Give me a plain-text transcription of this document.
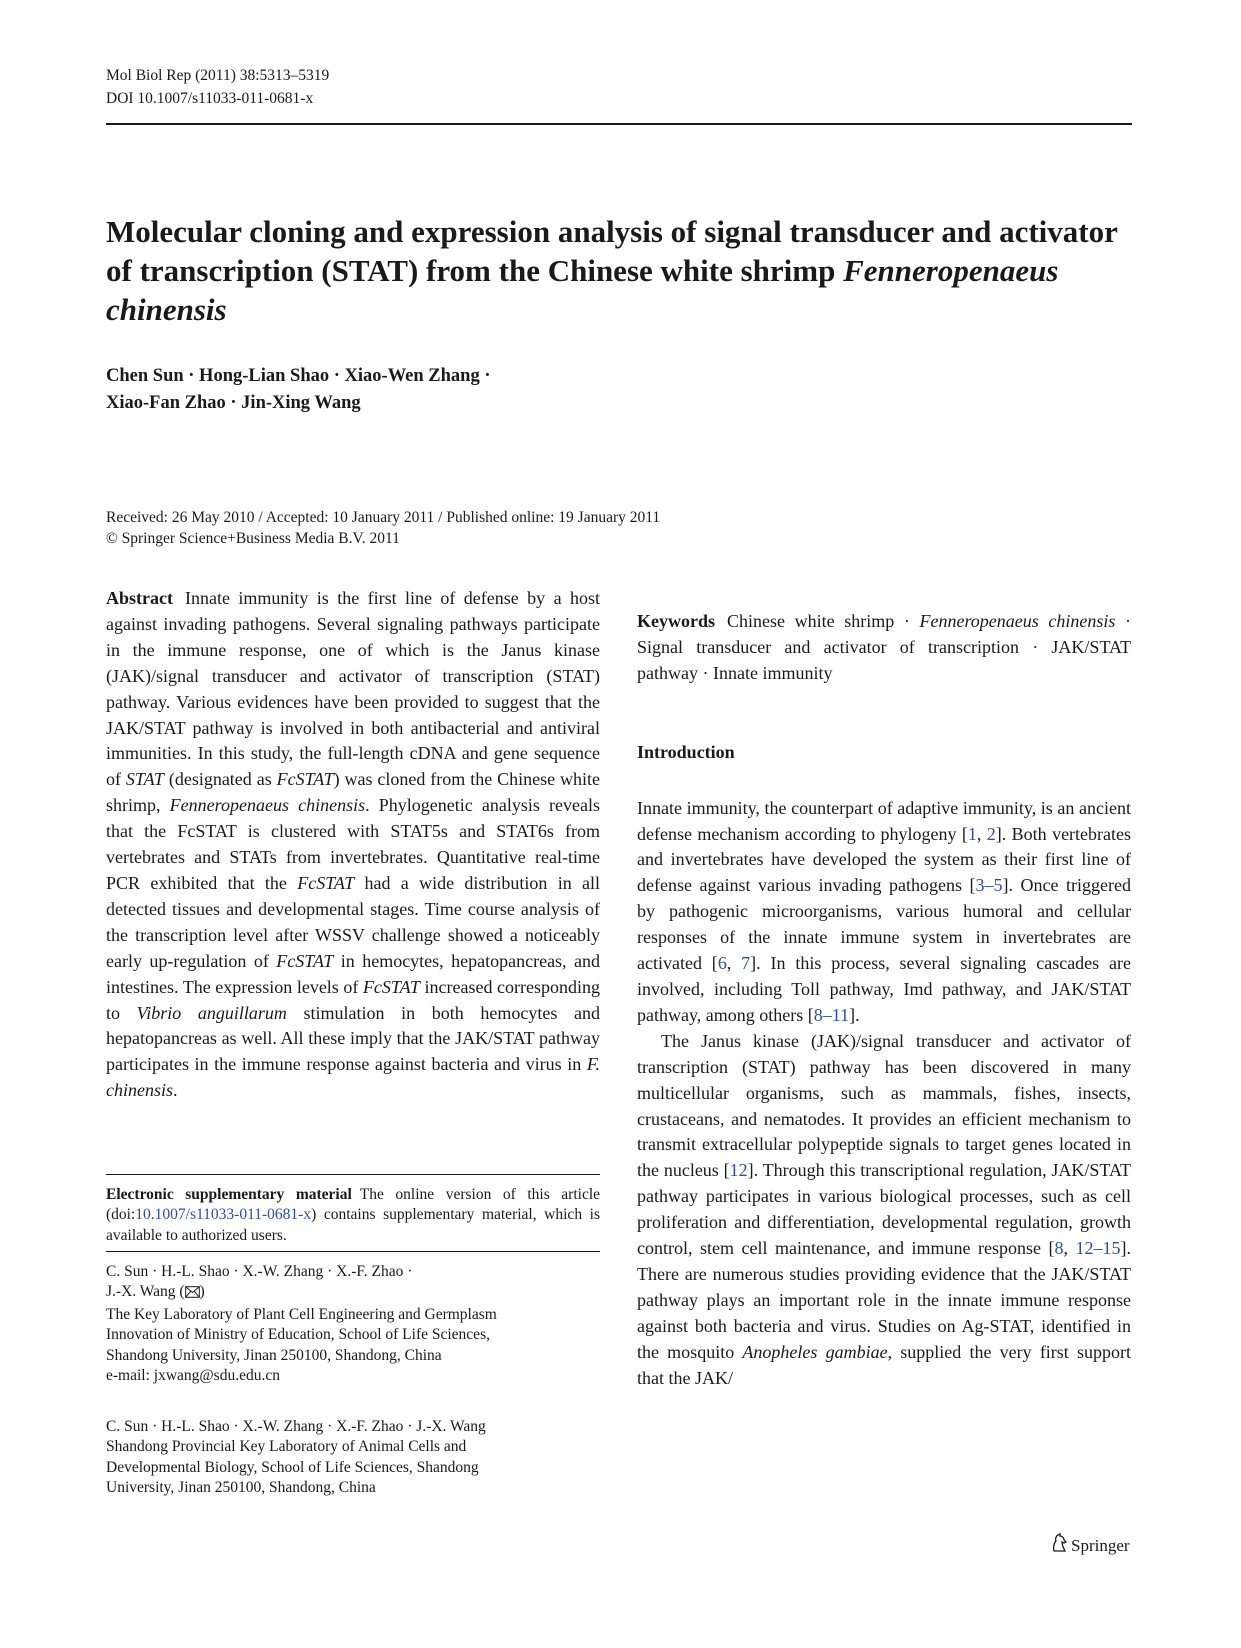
Mol Biol Rep (2011) 38:5313–5319
DOI 10.1007/s11033-011-0681-x
Molecular cloning and expression analysis of signal transducer and activator of transcription (STAT) from the Chinese white shrimp Fenneropenaeus chinensis
Chen Sun · Hong-Lian Shao · Xiao-Wen Zhang ·
Xiao-Fan Zhao · Jin-Xing Wang
Received: 26 May 2010 / Accepted: 10 January 2011 / Published online: 19 January 2011
© Springer Science+Business Media B.V. 2011
Abstract Innate immunity is the first line of defense by a host against invading pathogens. Several signaling pathways participate in the immune response, one of which is the Janus kinase (JAK)/signal transducer and activator of transcription (STAT) pathway. Various evidences have been provided to suggest that the JAK/STAT pathway is involved in both antibacterial and antiviral immunities. In this study, the full-length cDNA and gene sequence of STAT (designated as FcSTAT) was cloned from the Chinese white shrimp, Fenneropenaeus chinensis. Phylogenetic analysis reveals that the FcSTAT is clustered with STAT5s and STAT6s from vertebrates and STATs from invertebrates. Quantitative real-time PCR exhibited that the FcSTAT had a wide distribution in all detected tissues and developmental stages. Time course analysis of the transcription level after WSSV challenge showed a noticeably early up-regulation of FcSTAT in hemocytes, hepatopancreas, and intestines. The expression levels of FcSTAT increased corresponding to Vibrio anguillarum stimulation in both hemocytes and hepatopancreas as well. All these imply that the JAK/STAT pathway participates in the immune response against bacteria and virus in F. chinensis.
Keywords Chinese white shrimp · Fenneropenaeus chinensis · Signal transducer and activator of transcription · JAK/STAT pathway · Innate immunity
Introduction
Innate immunity, the counterpart of adaptive immunity, is an ancient defense mechanism according to phylogeny [1, 2]. Both vertebrates and invertebrates have developed the system as their first line of defense against various invading pathogens [3–5]. Once triggered by pathogenic microorganisms, various humoral and cellular responses of the innate immune system in invertebrates are activated [6, 7]. In this process, several signaling cascades are involved, including Toll pathway, Imd pathway, and JAK/STAT pathway, among others [8–11].
The Janus kinase (JAK)/signal transducer and activator of transcription (STAT) pathway has been discovered in many multicellular organisms, such as mammals, fishes, insects, crustaceans, and nematodes. It provides an efficient mechanism to transmit extracellular polypeptide signals to target genes located in the nucleus [12]. Through this transcriptional regulation, JAK/STAT pathway participates in various biological processes, such as cell proliferation and differentiation, developmental regulation, growth control, stem cell maintenance, and immune response [8, 12–15]. There are numerous studies providing evidence that the JAK/STAT pathway plays an important role in the innate immune response against both bacteria and virus. Studies on Ag-STAT, identified in the mosquito Anopheles gambiae, supplied the very first support that the JAK/
Electronic supplementary material The online version of this article (doi:10.1007/s11033-011-0681-x) contains supplementary material, which is available to authorized users.
C. Sun · H.-L. Shao · X.-W. Zhang · X.-F. Zhao ·
J.-X. Wang ( )
The Key Laboratory of Plant Cell Engineering and Germplasm
Innovation of Ministry of Education, School of Life Sciences,
Shandong University, Jinan 250100, Shandong, China
e-mail: jxwang@sdu.edu.cn
C. Sun · H.-L. Shao · X.-W. Zhang · X.-F. Zhao · J.-X. Wang
Shandong Provincial Key Laboratory of Animal Cells and
Developmental Biology, School of Life Sciences, Shandong
University, Jinan 250100, Shandong, China
Springer
